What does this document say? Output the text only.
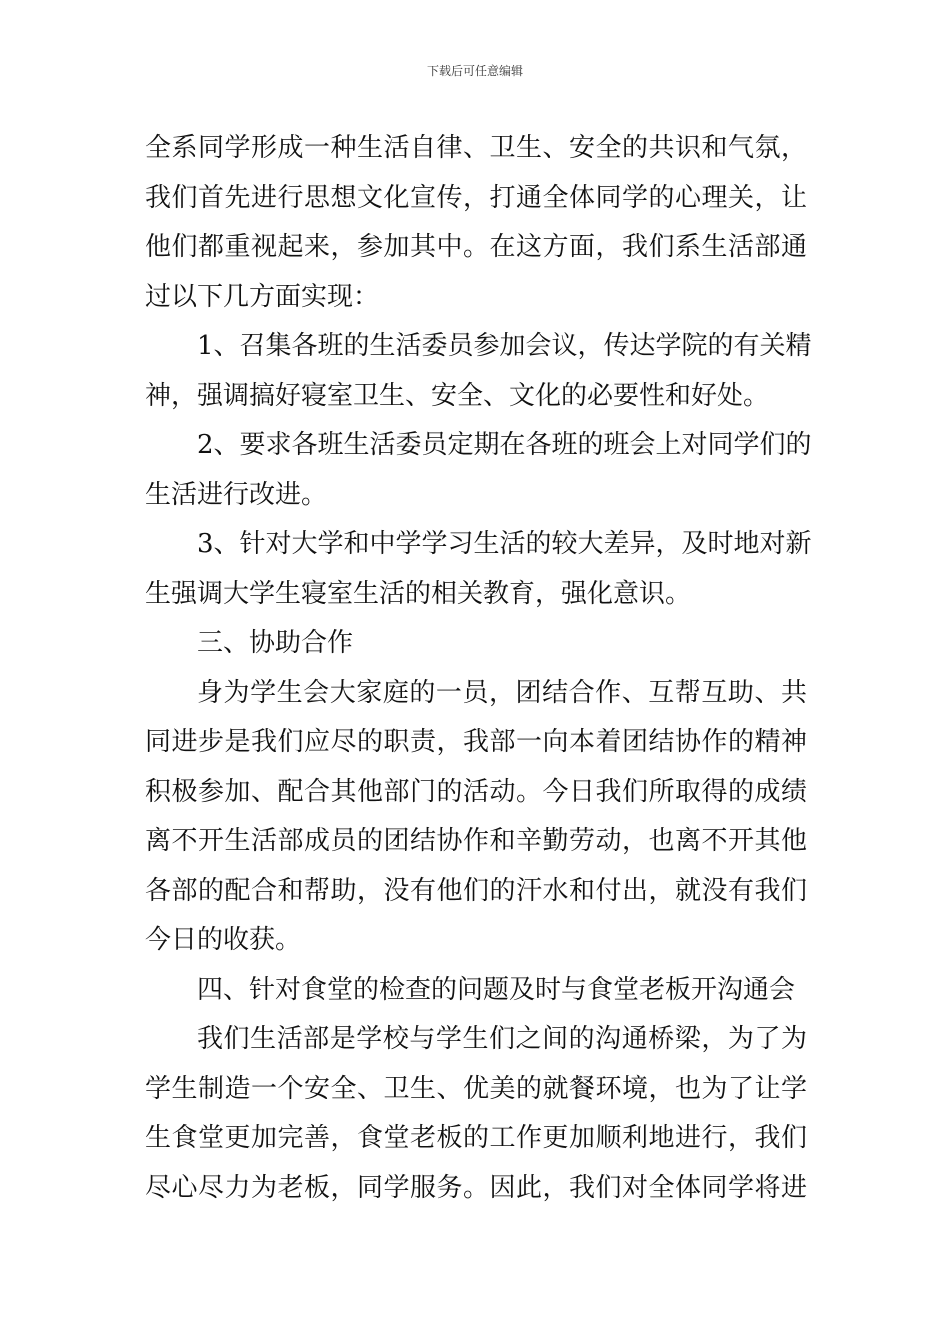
下载后可任意编辑
全系同学形成一种生活自律、卫生、安全的共识和气氛，
我们首先进行思想文化宣传，打通全体同学的心理关，让
他们都重视起来，参加其中。在这方面，我们系生活部通
过以下几方面实现：
1、召集各班的生活委员参加会议，传达学院的有关精
神，强调搞好寝室卫生、安全、文化的必要性和好处。
2、要求各班生活委员定期在各班的班会上对同学们的
生活进行改进。
3、针对大学和中学学习生活的较大差异，及时地对新
生强调大学生寝室生活的相关教育，强化意识。
三、协助合作
身为学生会大家庭的一员，团结合作、互帮互助、共
同进步是我们应尽的职责，我部一向本着团结协作的精神
积极参加、配合其他部门的活动。今日我们所取得的成绩
离不开生活部成员的团结协作和辛勤劳动，也离不开其他
各部的配合和帮助，没有他们的汗水和付出，就没有我们
今日的收获。
四、针对食堂的检查的问题及时与食堂老板开沟通会
我们生活部是学校与学生们之间的沟通桥梁，为了为
学生制造一个安全、卫生、优美的就餐环境，也为了让学
生食堂更加完善，食堂老板的工作更加顺利地进行，我们
尽心尽力为老板，同学服务。因此，我们对全体同学将进
